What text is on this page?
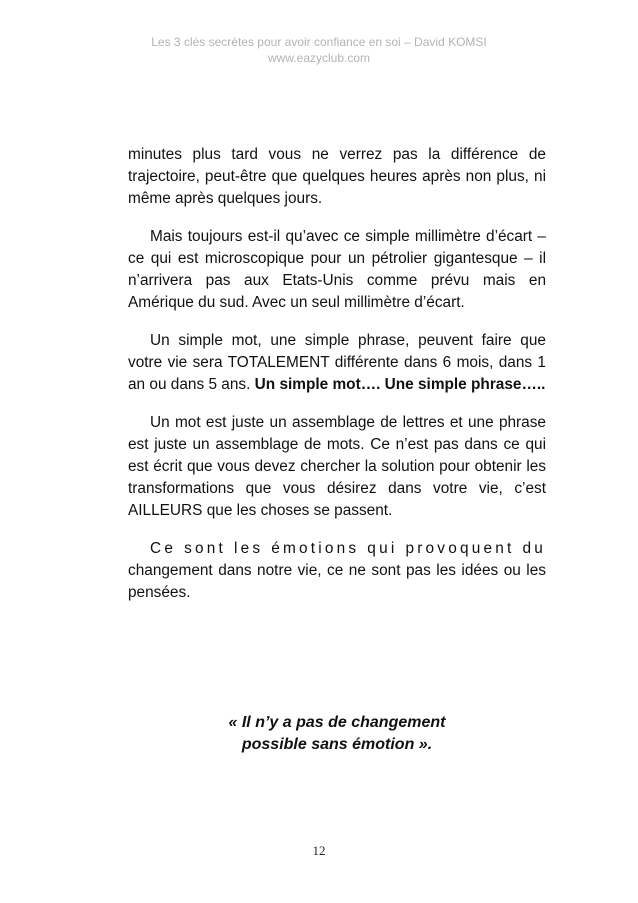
Les 3 clés secrètes pour avoir confiance en soi – David KOMSI
www.eazyclub.com

minutes plus tard vous ne verrez pas la différence de trajectoire, peut-être que quelques heures après non plus, ni même après quelques jours.

Mais toujours est-il qu’avec ce simple millimètre d’écart – ce qui est microscopique pour un pétrolier gigantesque – il n’arrivera pas aux Etats-Unis comme prévu mais en Amérique du sud. Avec un seul millimètre d’écart.

Un simple mot, une simple phrase, peuvent faire que votre vie sera TOTALEMENT différente dans 6 mois, dans 1 an ou dans 5 ans. Un simple mot…. Une simple phrase…..

Un mot est juste un assemblage de lettres et une phrase est juste un assemblage de mots. Ce n’est pas dans ce qui est écrit que vous devez chercher la solution pour obtenir les transformations que vous désirez dans votre vie, c’est AILLEURS que les choses se passent.

Ce sont les émotions qui provoquent du changement dans notre vie, ce ne sont pas les idées ou les pensées.

« Il n’y a pas de changement
possible sans émotion ».
12
